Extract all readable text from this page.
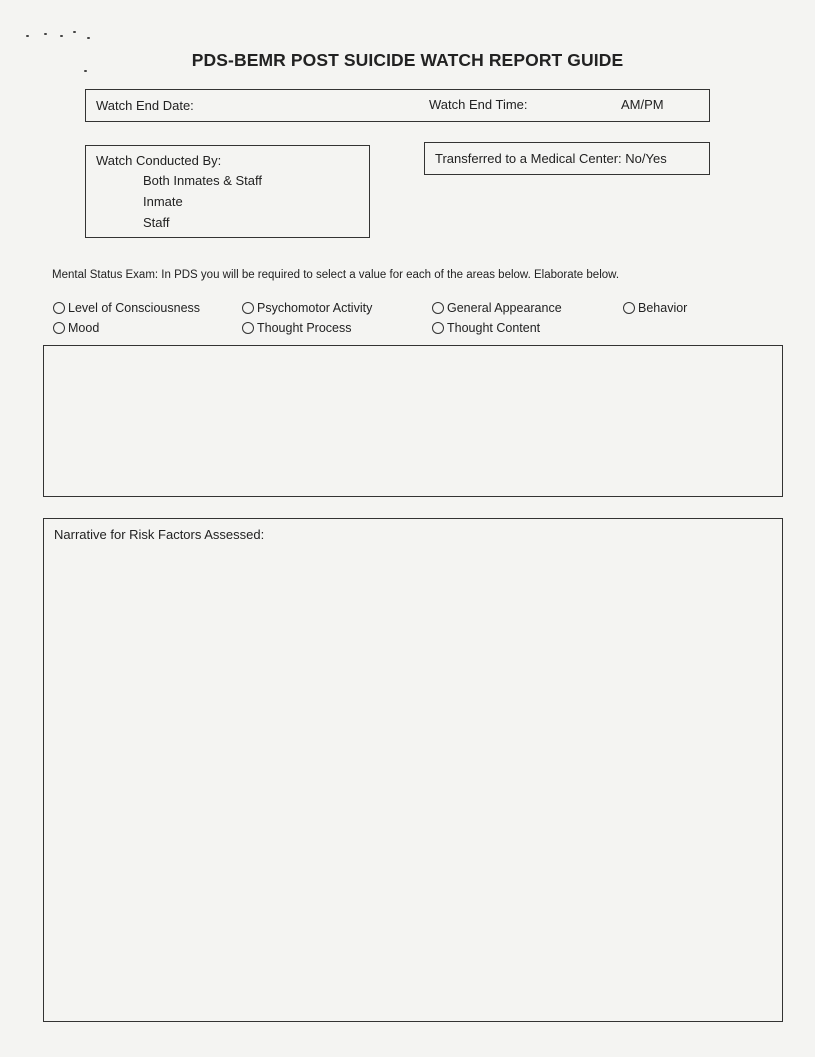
PDS-BEMR POST SUICIDE WATCH REPORT GUIDE
Watch End Date:	Watch End Time:	AM/PM
Watch Conducted By:
Both Inmates & Staff
Inmate
Staff
Transferred to a Medical Center: No/Yes
Mental Status Exam: In PDS you will be required to select a value for each of the areas below. Elaborate below.
Level of Consciousness	Psychomotor Activity	General Appearance	Behavior
Mood	Thought Process	Thought Content
Narrative for Risk Factors Assessed:
